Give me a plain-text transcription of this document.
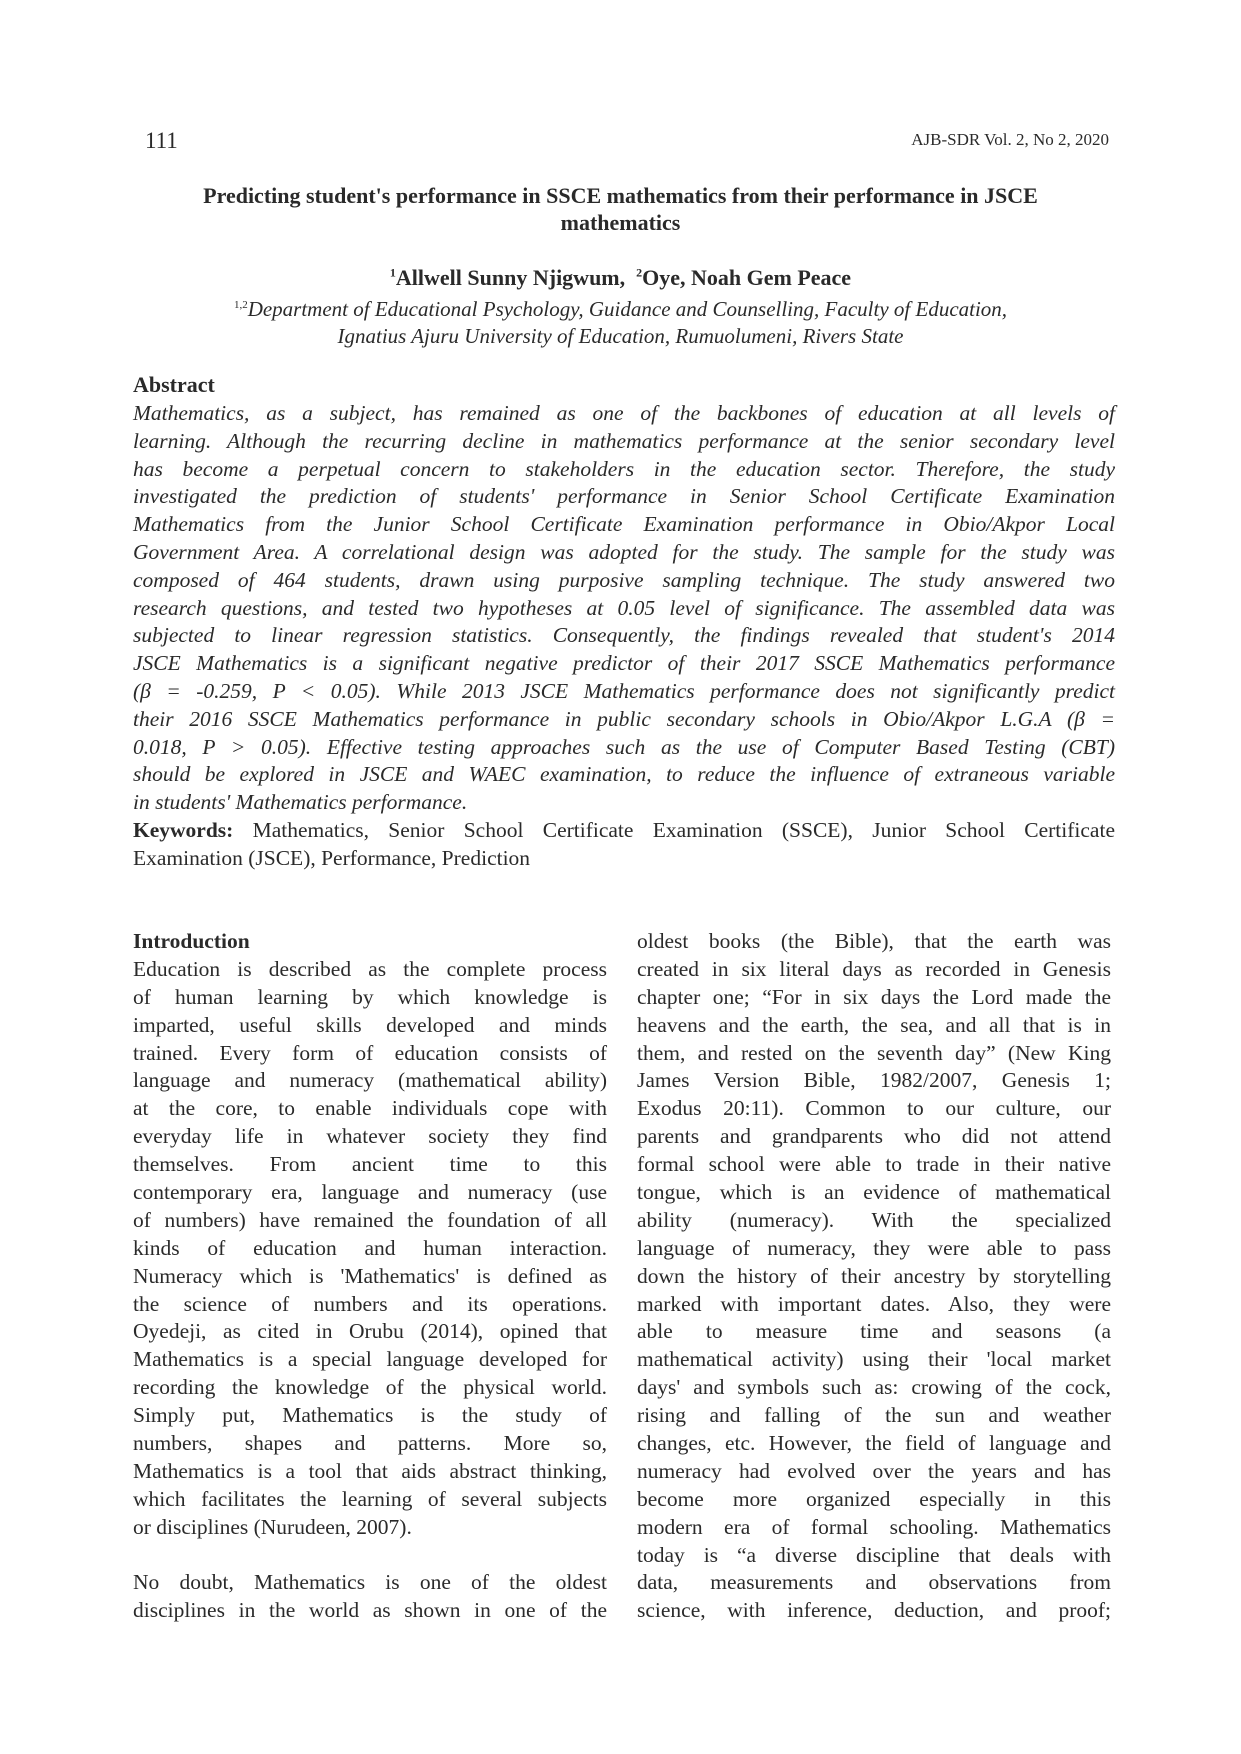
111	AJB-SDR Vol. 2, No 2, 2020
Predicting student's performance in SSCE mathematics from their performance in JSCE
mathematics
$^1$Allwell Sunny Njigwum, $^2$Oye, Noah Gem Peace
$^{1,2}$Department of Educational Psychology, Guidance and Counselling, Faculty of Education,
Ignatius Ajuru University of Education, Rumuolumeni, Rivers State
Abstract
Mathematics, as a subject, has remained as one of the backbones of education at all levels of
learning. Although the recurring decline in mathematics performance at the senior secondary level
has become a perpetual concern to stakeholders in the education sector. Therefore, the study
investigated the prediction of students' performance in Senior School Certificate Examination
Mathematics from the Junior School Certificate Examination performance in Obio/Akpor Local
Government Area. A correlational design was adopted for the study. The sample for the study was
composed of 464 students, drawn using purposive sampling technique. The study answered two
research questions, and tested two hypotheses at 0.05 level of significance. The assembled data was
subjected to linear regression statistics. Consequently, the findings revealed that student's 2014
JSCE Mathematics is a significant negative predictor of their 2017 SSCE Mathematics performance
(β = -0.259, P < 0.05). While 2013 JSCE Mathematics performance does not significantly predict
their 2016 SSCE Mathematics performance in public secondary schools in Obio/Akpor L.G.A (β =
0.018, P > 0.05). Effective testing approaches such as the use of Computer Based Testing (CBT)
should be explored in JSCE and WAEC examination, to reduce the influence of extraneous variable
in students' Mathematics performance.
Keywords: Mathematics, Senior School Certificate Examination (SSCE), Junior School Certificate
Examination (JSCE), Performance, Prediction
Introduction
Education is described as the complete process
of human learning by which knowledge is
imparted, useful skills developed and minds
trained. Every form of education consists of
language and numeracy (mathematical ability)
at the core, to enable individuals cope with
everyday life in whatever society they find
themselves. From ancient time to this
contemporary era, language and numeracy (use
of numbers) have remained the foundation of all
kinds of education and human interaction.
Numeracy which is 'Mathematics' is defined as
the science of numbers and its operations.
Oyedeji, as cited in Orubu (2014), opined that
Mathematics is a special language developed for
recording the knowledge of the physical world.
Simply put, Mathematics is the study of
numbers, shapes and patterns. More so,
Mathematics is a tool that aids abstract thinking,
which facilitates the learning of several subjects
or disciplines (Nurudeen, 2007).
No doubt, Mathematics is one of the oldest
disciplines in the world as shown in one of the
oldest books (the Bible), that the earth was
created in six literal days as recorded in Genesis
chapter one; “For in six days the Lord made the
heavens and the earth, the sea, and all that is in
them, and rested on the seventh day” (New King
James Version Bible, 1982/2007, Genesis 1;
Exodus 20:11). Common to our culture, our
parents and grandparents who did not attend
formal school were able to trade in their native
tongue, which is an evidence of mathematical
ability (numeracy). With the specialized
language of numeracy, they were able to pass
down the history of their ancestry by storytelling
marked with important dates. Also, they were
able to measure time and seasons (a
mathematical activity) using their 'local market
days' and symbols such as: crowing of the cock,
rising and falling of the sun and weather
changes, etc. However, the field of language and
numeracy had evolved over the years and has
become more organized especially in this
modern era of formal schooling. Mathematics
today is “a diverse discipline that deals with
data, measurements and observations from
science, with inference, deduction, and proof;
